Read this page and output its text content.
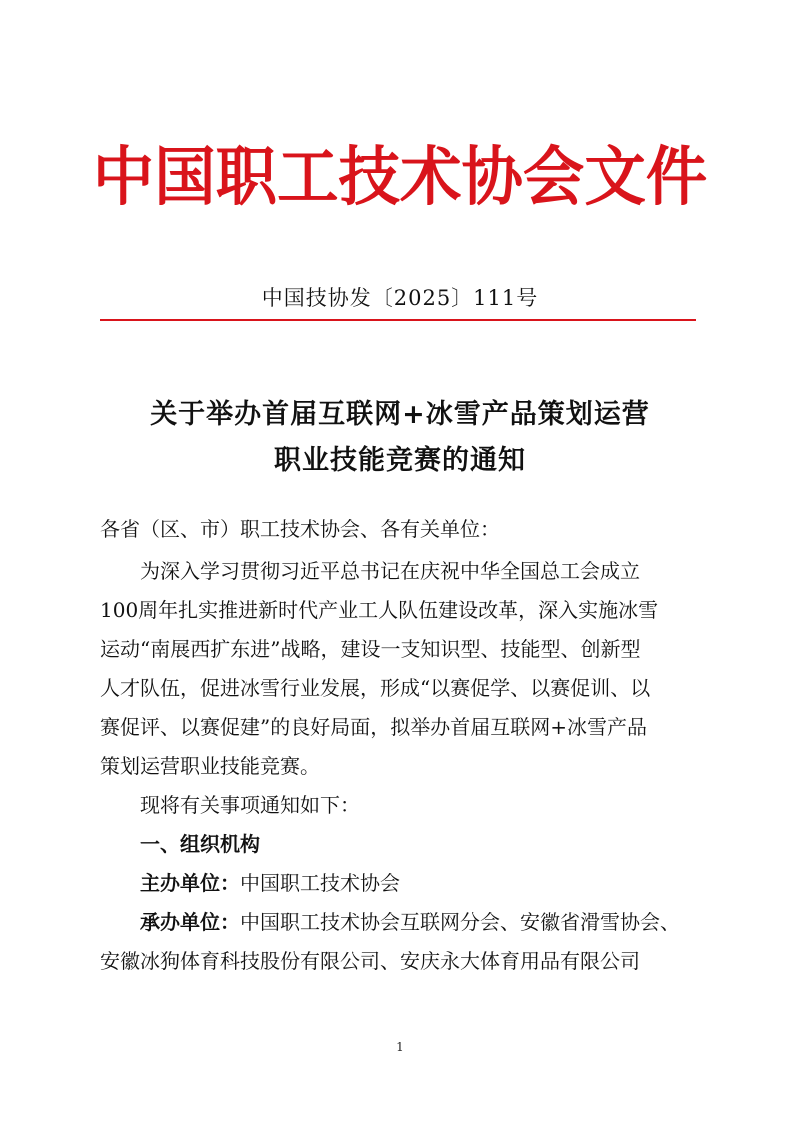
中国职工技术协会文件
中国技协发〔2025〕111号
关于举办首届互联网+冰雪产品策划运营
职业技能竞赛的通知
各省（区、市）职工技术协会、各有关单位：
为深入学习贯彻习近平总书记在庆祝中华全国总工会成立
100周年扎实推进新时代产业工人队伍建设改革，深入实施冰雪
运动“南展西扩东进”战略，建设一支知识型、技能型、创新型
人才队伍，促进冰雪行业发展，形成“以赛促学、以赛促训、以
赛促评、以赛促建”的良好局面，拟举办首届互联网+冰雪产品
策划运营职业技能竞赛。
现将有关事项通知如下：
一、组织机构
主办单位：中国职工技术协会
承办单位：中国职工技术协会互联网分会、安徽省滑雪协会、
安徽冰狗体育科技股份有限公司、安庆永大体育用品有限公司
1
